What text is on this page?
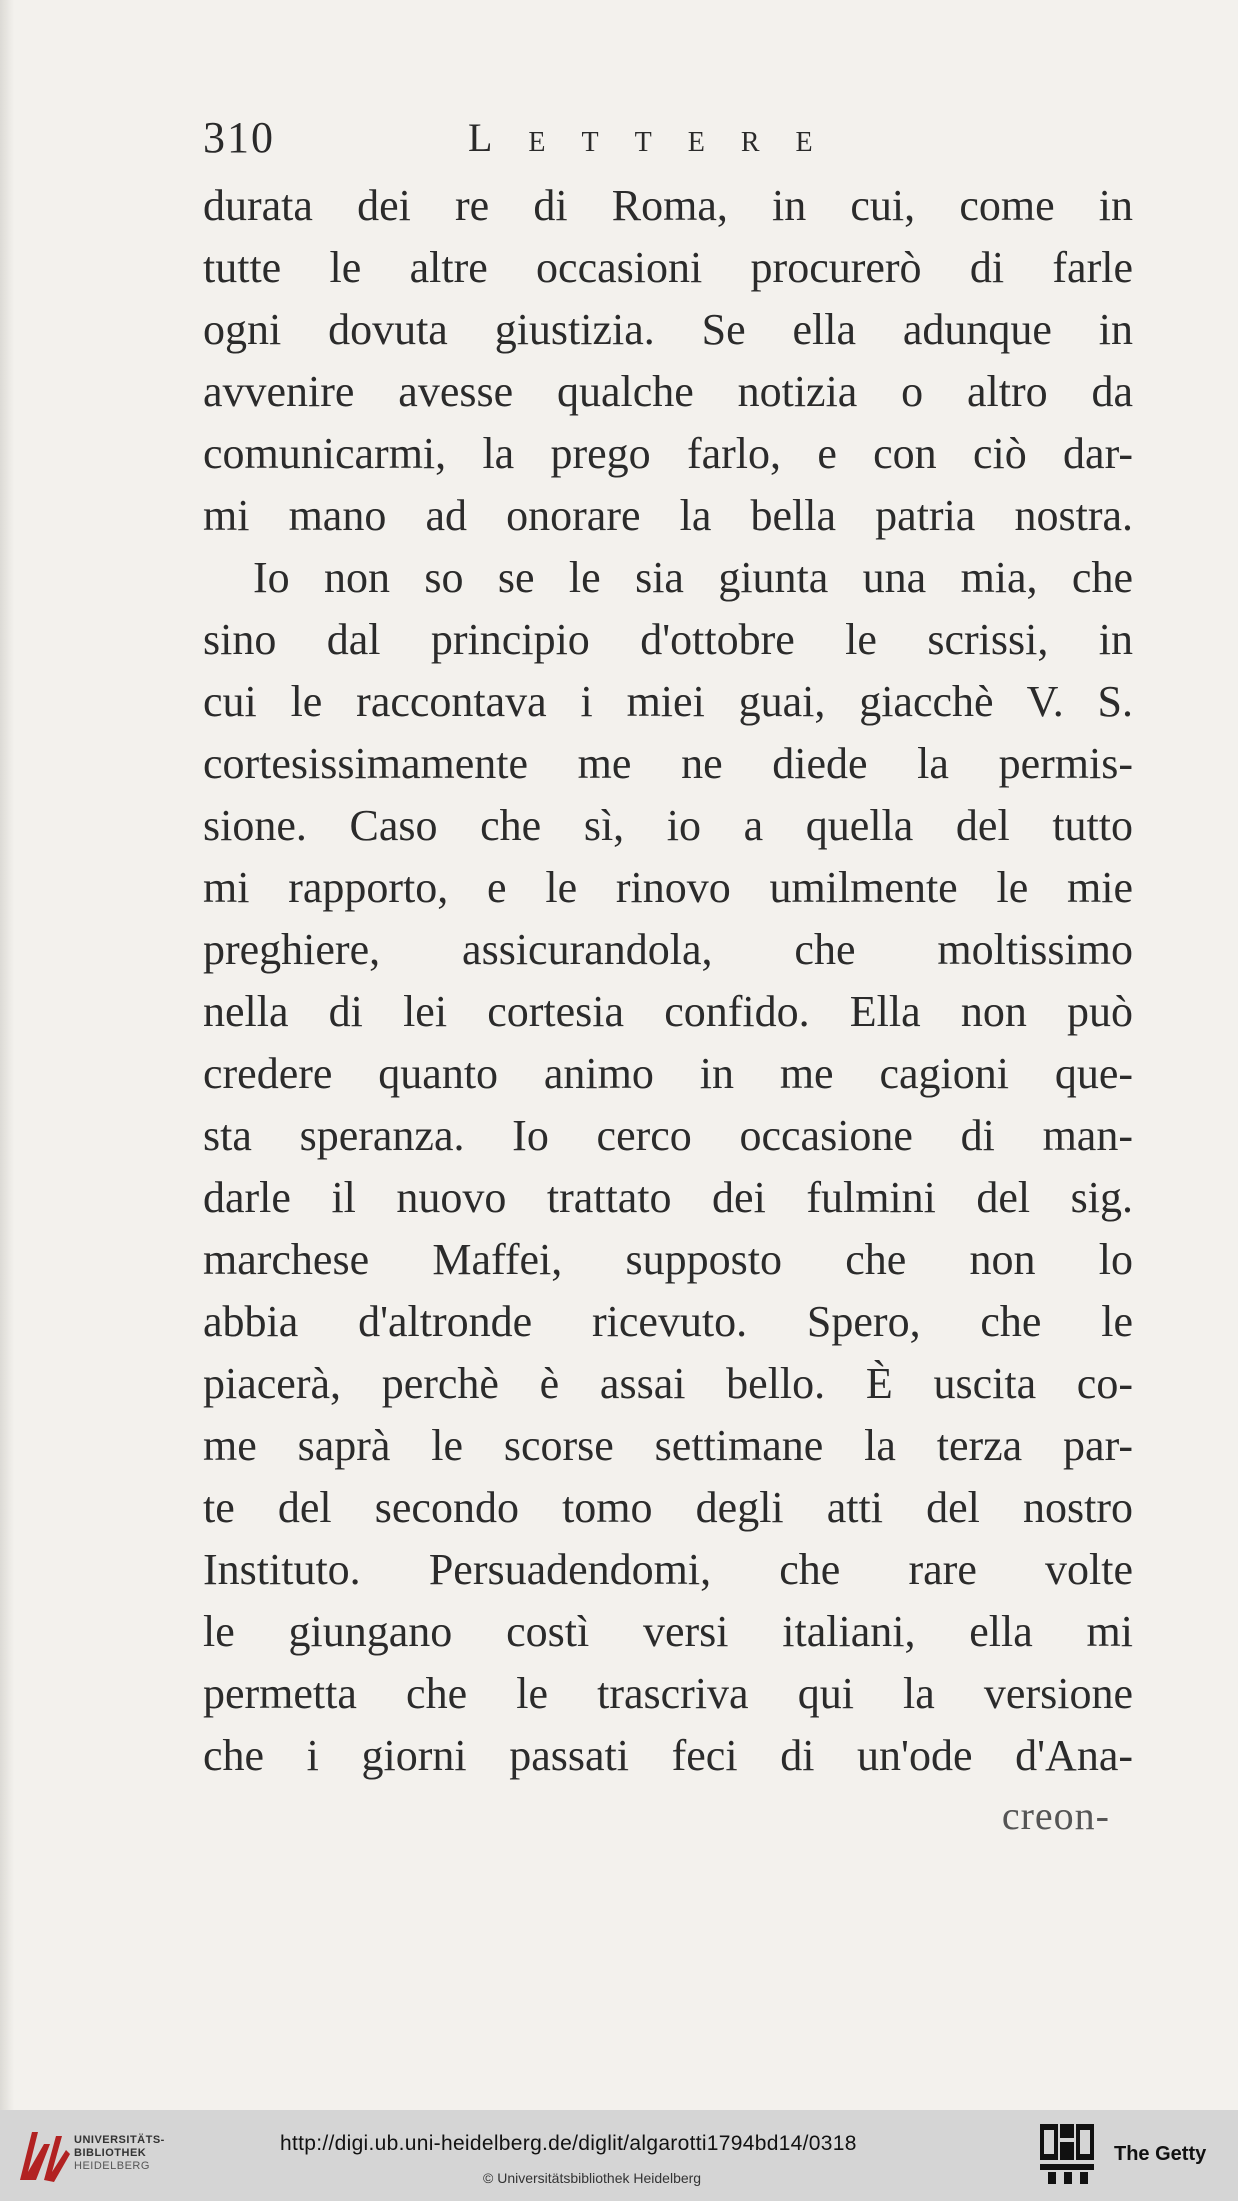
310	Lettere
durata dei re di Roma, in cui, come in
tutte le altre occasioni procurerò di farle
ogni dovuta giustizia. Se ella adunque in
avvenire avesse qualche notizia o altro da
comunicarmi, la prego farlo, e con ciò dar-
mi mano ad onorare la bella patria nostra.
Io non so se le sia giunta una mia, che
sino dal principio d'ottobre le scrissi, in
cui le raccontava i miei guai, giacchè V. S.
cortesissimamente me ne diede la permis-
sione. Caso che sì, io a quella del tutto
mi rapporto, e le rinovo umilmente le mie
preghiere, assicurandola, che moltissimo
nella di lei cortesia confido. Ella non può
credere quanto animo in me cagioni que-
sta speranza. Io cerco occasione di man-
darle il nuovo trattato dei fulmini del sig.
marchese Maffei, supposto che non lo
abbia d'altronde ricevuto. Spero, che le
piacerà, perchè è assai bello. È uscita co-
me saprà le scorse settimane la terza par-
te del secondo tomo degli atti del nostro
Instituto. Persuadendomi, che rare volte
le giungano costì versi italiani, ella mi
permetta che le trascriva qui la versione
che i giorni passati feci di un'ode d'Ana-
creon-
UNIVERSITÄTS-
BIBLIOTHEK
HEIDELBERG
http://digi.ub.uni-heidelberg.de/diglit/algarotti1794bd14/0318
© Universitätsbibliothek Heidelberg
The Getty
